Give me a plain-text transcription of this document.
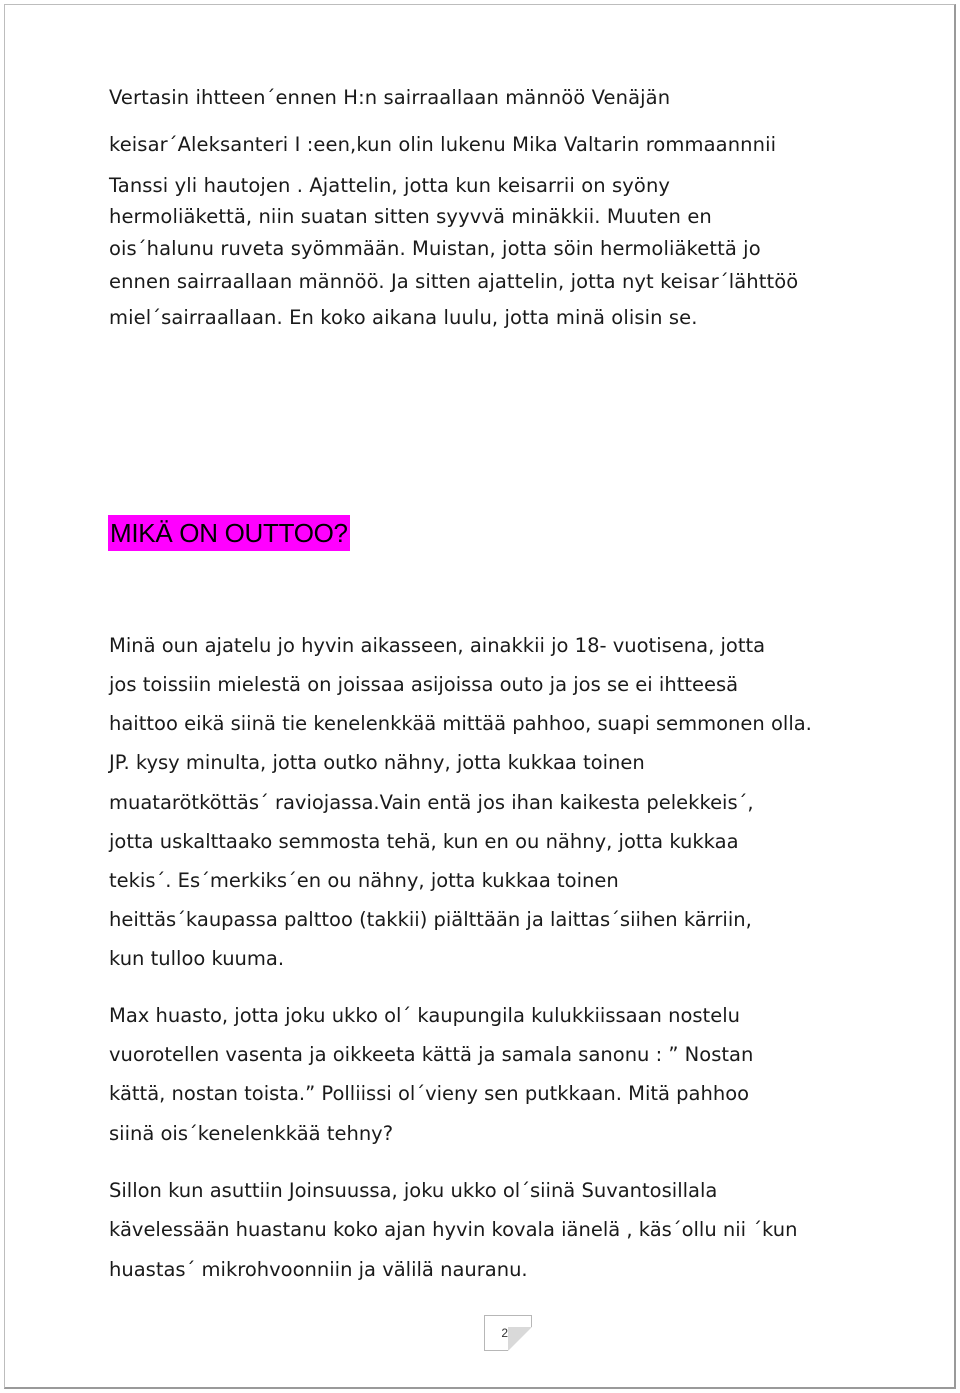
Vertasin ihtteen´ennen H:n sairraallaan männöö Venäjän
keisar´Aleksanteri I :een,kun olin lukenu Mika Valtarin rommaannnii
Tanssi yli hautojen . Ajattelin, jotta kun keisarrii on syöny
hermoliäkettä, niin suatan sitten syyvvä minäkkii. Muuten en
ois´halunu ruveta syömmään. Muistan, jotta söin hermoliäkettä jo
ennen sairraallaan männöö. Ja sitten ajattelin, jotta nyt keisar´lähttöö
miel´sairraallaan. En koko aikana luulu, jotta minä olisin se.
MIKÄ ON OUTTOO?
Minä oun ajatelu jo hyvin aikasseen, ainakkii jo 18- vuotisena, jotta
jos toissiin mielestä on joissaa asijoissa outo ja jos se ei ihtteesä
haittoo eikä siinä tie kenelenkkää mittää pahhoo, suapi semmonen olla.
JP. kysy minulta, jotta outko nähny, jotta kukkaa toinen
muatarötköttäs´ raviojassa.Vain entä jos ihan kaikesta pelekkeis´,
jotta uskalttaako semmosta tehä, kun en ou nähny, jotta kukkaa
tekis´. Es´merkiks´en ou nähny, jotta kukkaa toinen
heittäs´kaupassa palttoo (takkii) piälttään ja laittas´siihen kärriin,
kun tulloo kuuma.
Max huasto, jotta joku ukko ol´ kaupungila kulukkiissaan nostelu
vuorotellen vasenta ja oikkeeta kättä ja samala sanonu : ” Nostan
kättä, nostan toista.” Polliissi ol´vieny sen putkkaan. Mitä pahhoo
siinä ois´kenelenkkää tehny?
Sillon kun asuttiin Joinsuussa, joku ukko ol´siinä Suvantosillala
kävelessään huastanu koko ajan hyvin kovala iänelä , käs´ollu nii ´kun
huastas´ mikrohvoonniin ja välilä nauranu.
28
